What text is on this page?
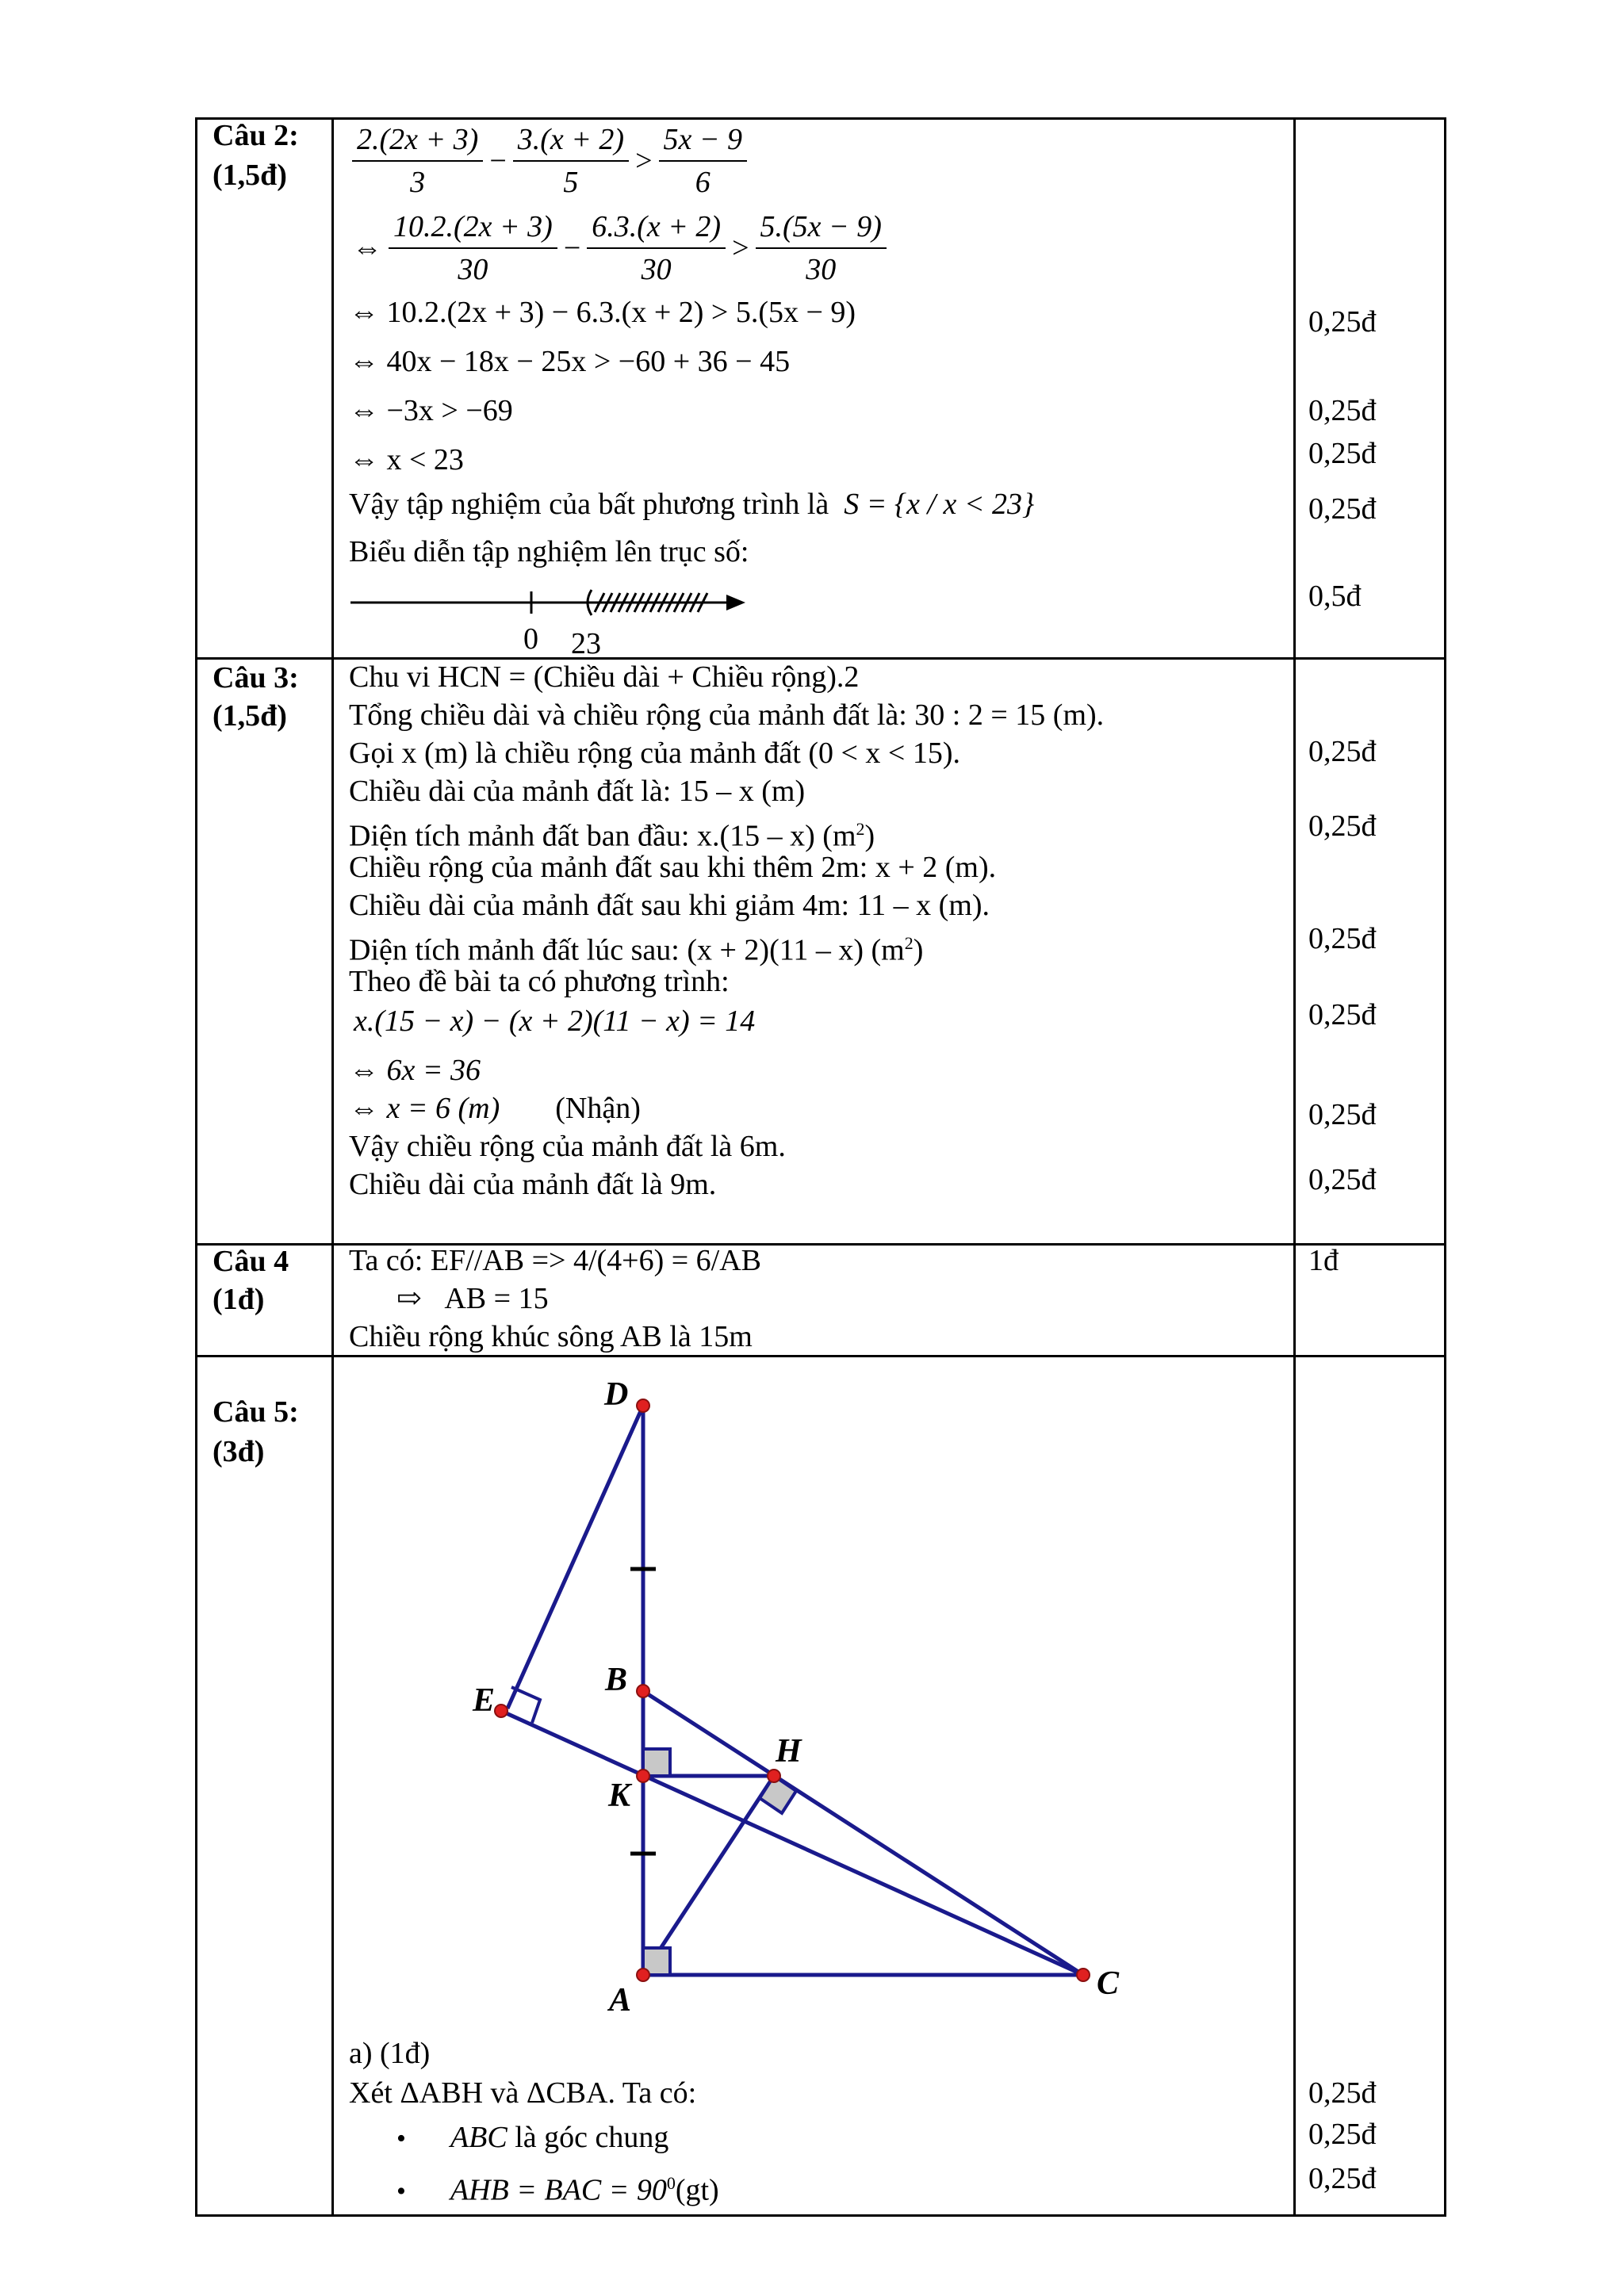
Câu 2:
(1,5đ) $\frac{2.(2x + 3)}{3} - \frac{3.(x + 2)}{5} > \frac{5x - 9}{6}$
⇔ $\frac{10.2.(2x + 3)}{30} - \frac{6.3.(x + 2)}{30} > \frac{5.(5x - 9)}{30}$
⇔ 10.2.(2x + 3) − 6.3.(x + 2) > 5.(5x − 9)
⇔ 40x − 18x − 25x > −60 + 36 − 45
⇔ −3x > −69
⇔ x < 23
Vậy tập nghiệm của bất phương trình là S = {x / x < 23}
Biểu diễn tập nghiệm lên trục số:
0 23
0,25đ
0,25đ
0,25đ
0,25đ
0,5đ
Câu 3:
(1,5đ)
Chu vi HCN = (Chiều dài + Chiều rộng).2
Tổng chiều dài và chiều rộng của mảnh đất là: 30 : 2 = 15 (m).
Gọi x (m) là chiều rộng của mảnh đất (0 < x < 15).
Chiều dài của mảnh đất là: 15 – x (m)
Diện tích mảnh đất ban đầu: x.(15 – x) $(m^2)$
Chiều rộng của mảnh đất sau khi thêm 2m: x + 2 (m).
Chiều dài của mảnh đất sau khi giảm 4m: 11 – x (m).
Diện tích mảnh đất lúc sau: (x + 2)(11 – x) $(m^2)$
Theo đề bài ta có phương trình:
x.(15 − x) − (x + 2)(11 − x) = 14
⇔ 6x = 36
⇔ x = 6 (m) (Nhận)
Vậy chiều rộng của mảnh đất là 6m.
Chiều dài của mảnh đất là 9m.
0,25đ
0,25đ
0,25đ
0,25đ
0,25đ
0,25đ
Câu 4
(1đ)
Ta có: EF//AB => 4/(4+6) = 6/AB
⇨ AB = 15
Chiều rộng khúc sông AB là 15m
1đ
Câu 5:
(3đ)
D
B
E
H
K
A	C
a) (1đ)
Xét ΔABH và ΔCBA. Ta có:
• ABC là góc chung
• AHB = BAC = $90^0(gt)$
0,25đ
0,25đ
0,25đ
